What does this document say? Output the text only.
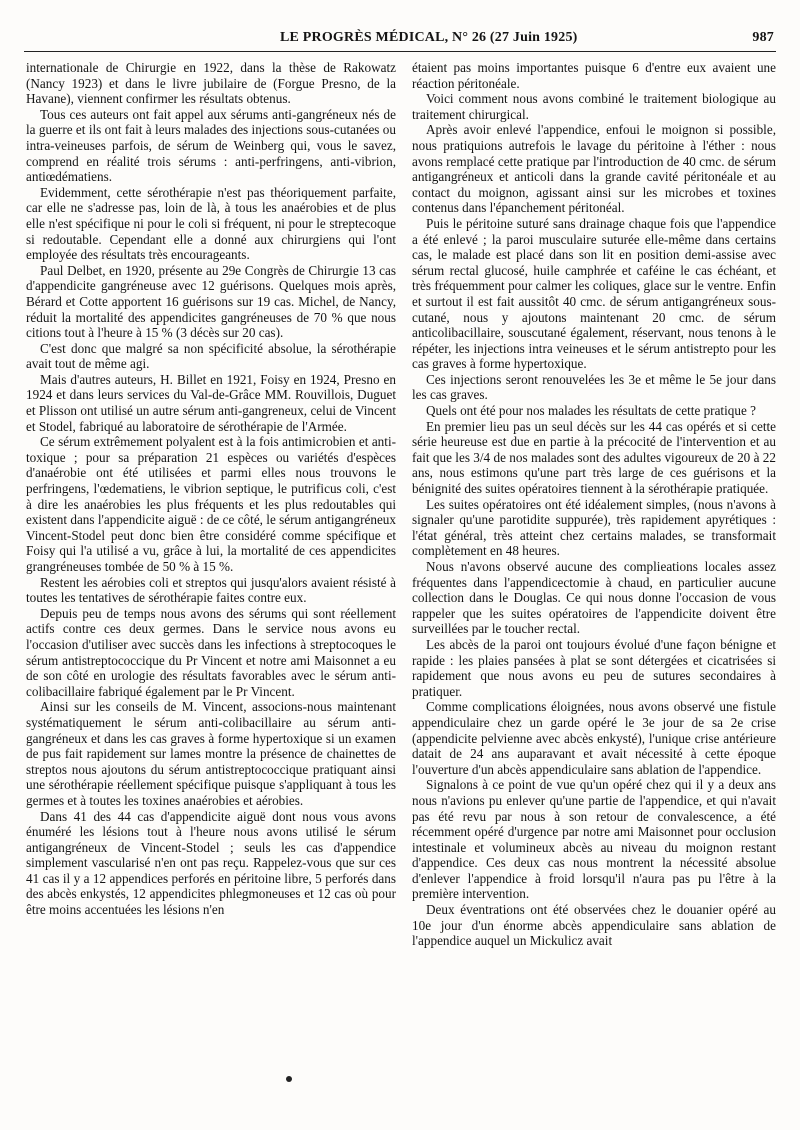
LE PROGRÈS MÉDICAL, N° 26 (27 Juin 1925)	987

internationale de Chirurgie en 1922, dans la thèse de Rakowatz (Nancy 1923) et dans le livre jubilaire de (Forgue Presno, de la Havane), viennent confirmer les résultats obtenus.

Tous ces auteurs ont fait appel aux sérums anti-gangréneux nés de la guerre et ils ont fait à leurs malades des injections sous-cutanées ou intra-veineuses parfois, de sérum de Weinberg qui, vous le savez, comprend en réalité trois sérums : anti-perfringens, anti-vibrion, antiœdématiens.

Evidemment, cette sérothérapie n'est pas théoriquement parfaite, car elle ne s'adresse pas, loin de là, à tous les anaérobies et de plus elle n'est spécifique ni pour le coli si fréquent, ni pour le streptecoque si redoutable. Cependant elle a donné aux chirurgiens qui l'ont employée des résultats très encourageants.

Paul Delbet, en 1920, présente au 29e Congrès de Chirurgie 13 cas d'appendicite gangréneuse avec 12 guérisons. Quelques mois après, Bérard et Cotte apportent 16 guérisons sur 19 cas. Michel, de Nancy, réduit la mortalité des appendicites gangréneuses de 70 % que nous citions tout à l'heure à 15 % (3 décès sur 20 cas).

C'est donc que malgré sa non spécificité absolue, la sérothérapie avait tout de même agi.

Mais d'autres auteurs, H. Billet en 1921, Foisy en 1924, Presno en 1924 et dans leurs services du Val-de-Grâce MM. Rouvillois, Duguet et Plisson ont utilisé un autre sérum anti-gangreneux, celui de Vincent et Stodel, fabriqué au laboratoire de sérothérapie de l'Armée.

Ce sérum extrêmement polyalent est à la fois antimicrobien et anti-toxique ; pour sa préparation 21 espèces ou variétés d'espèces d'anaérobie ont été utilisées et parmi elles nous trouvons le perfringens, l'œdematiens, le vibrion septique, le putrificus coli, c'est à dire les anaérobies les plus fréquents et les plus redoutables qui existent dans l'appendicite aiguë : de ce côté, le sérum antigangréneux Vincent-Stodel peut donc bien être considéré comme spécifique et Foisy qui l'a utilisé a vu, grâce à lui, la mortalité de ces appendicites grangréneuses tombée de 50 % à 15 %.

Restent les aérobies coli et streptos qui jusqu'alors avaient résisté à toutes les tentatives de sérothérapie faites contre eux.

Depuis peu de temps nous avons des sérums qui sont réellement actifs contre ces deux germes. Dans le service nous avons eu l'occasion d'utiliser avec succès dans les infections à streptocoques le sérum antistreptococcique du Pr Vincent et notre ami Maisonnet a eu de son côté en urologie des résultats favorables avec le sérum anti-colibacillaire fabriqué également par le Pr Vincent.

Ainsi sur les conseils de M. Vincent, associons-nous maintenant systématiquement le sérum anti-colibacillaire au sérum anti-gangréneux et dans les cas graves à forme hypertoxique si un examen de pus fait rapidement sur lames montre la présence de chainettes de streptos nous ajoutons du sérum antistreptococcique pratiquant ainsi une sérothérapie réellement spécifique puisque s'appliquant à tous les germes et à toutes les toxines anaérobies et aérobies.

Dans 41 des 44 cas d'appendicite aiguë dont nous vous avons énuméré les lésions tout à l'heure nous avons utilisé le sérum antigangréneux de Vincent-Stodel ; seuls les cas d'appendice simplement vascularisé n'en ont pas reçu. Rappelez-vous que sur ces 41 cas il y a 12 appendices perforés en péritoine libre, 5 perforés dans des abcès enkystés, 12 appendicites phlegmoneuses et 12 cas où pour être moins accentuées les lésions n'en

étaient pas moins importantes puisque 6 d'entre eux avaient une réaction péritonéale.

Voici comment nous avons combiné le traitement biologique au traitement chirurgical.

Après avoir enlevé l'appendice, enfoui le moignon si possible, nous pratiquions autrefois le lavage du péritoine à l'éther : nous avons remplacé cette pratique par l'introduction de 40 cmc. de sérum antigangréneux et anticoli dans la grande cavité péritonéale et au contact du moignon, agissant ainsi sur les microbes et toxines contenus dans l'épanchement péritonéal.

Puis le péritoine suturé sans drainage chaque fois que l'appendice a été enlevé ; la paroi musculaire suturée elle-même dans certains cas, le malade est placé dans son lit en position demi-assise avec sérum rectal glucosé, huile camphrée et caféine le cas échéant, et très fréquemment pour calmer les coliques, glace sur le ventre. Enfin et surtout il est fait aussitôt 40 cmc. de sérum antigangréneux sous-cutané, nous y ajoutons maintenant 20 cmc. de sérum anticolibacillaire, souscutané également, réservant, nous tenons à le répéter, les injections intra veineuses et le sérum antistrepto pour les cas graves à forme hypertoxique.

Ces injections seront renouvelées les 3e et même le 5e jour dans les cas graves.

Quels ont été pour nos malades les résultats de cette pratique ?

En premier lieu pas un seul décès sur les 44 cas opérés et si cette série heureuse est due en partie à la précocité de l'intervention et au fait que les 3/4 de nos malades sont des adultes vigoureux de 20 à 22 ans, nous estimons qu'une part très large de ces guérisons et la bénignité des suites opératoires tiennent à la sérothérapie pratiquée.

Les suites opératoires ont été idéalement simples, (nous n'avons à signaler qu'une parotidite suppurée), très rapidement apyrétiques : l'état général, très atteint chez certains malades, se transformait complètement en 48 heures.

Nous n'avons observé aucune des complieations locales assez fréquentes dans l'appendicectomie à chaud, en particulier aucune collection dans le Douglas. Ce qui nous donne l'occasion de vous rappeler que les suites opératoires de l'appendicite doivent être surveillées par le toucher rectal.

Les abcès de la paroi ont toujours évolué d'une façon bénigne et rapide : les plaies pansées à plat se sont détergées et cicatrisées si rapidement que nous avons eu peu de sutures secondaires à pratiquer.

Comme complications éloignées, nous avons observé une fistule appendiculaire chez un garde opéré le 3e jour de sa 2e crise (appendicite pelvienne avec abcès enkysté), l'unique crise antérieure datait de 24 ans auparavant et avait nécessité à cette époque l'ouverture d'un abcès appendiculaire sans ablation de l'appendice.

Signalons à ce point de vue qu'un opéré chez qui il y a deux ans nous n'avions pu enlever qu'une partie de l'appendice, et qui n'avait pas été revu par nous à son retour de convalescence, a été récemment opéré d'urgence par notre ami Maisonnet pour occlusion intestinale et volumineux abcès au niveau du moignon restant d'appendice. Ces deux cas nous montrent la nécessité absolue d'enlever l'appendice à froid lorsqu'il n'aura pas pu l'être à la première intervention.

Deux éventrations ont été observées chez le douanier opéré au 10e jour d'un énorme abcès appendiculaire sans ablation de l'appendice auquel un Mickulicz avait
